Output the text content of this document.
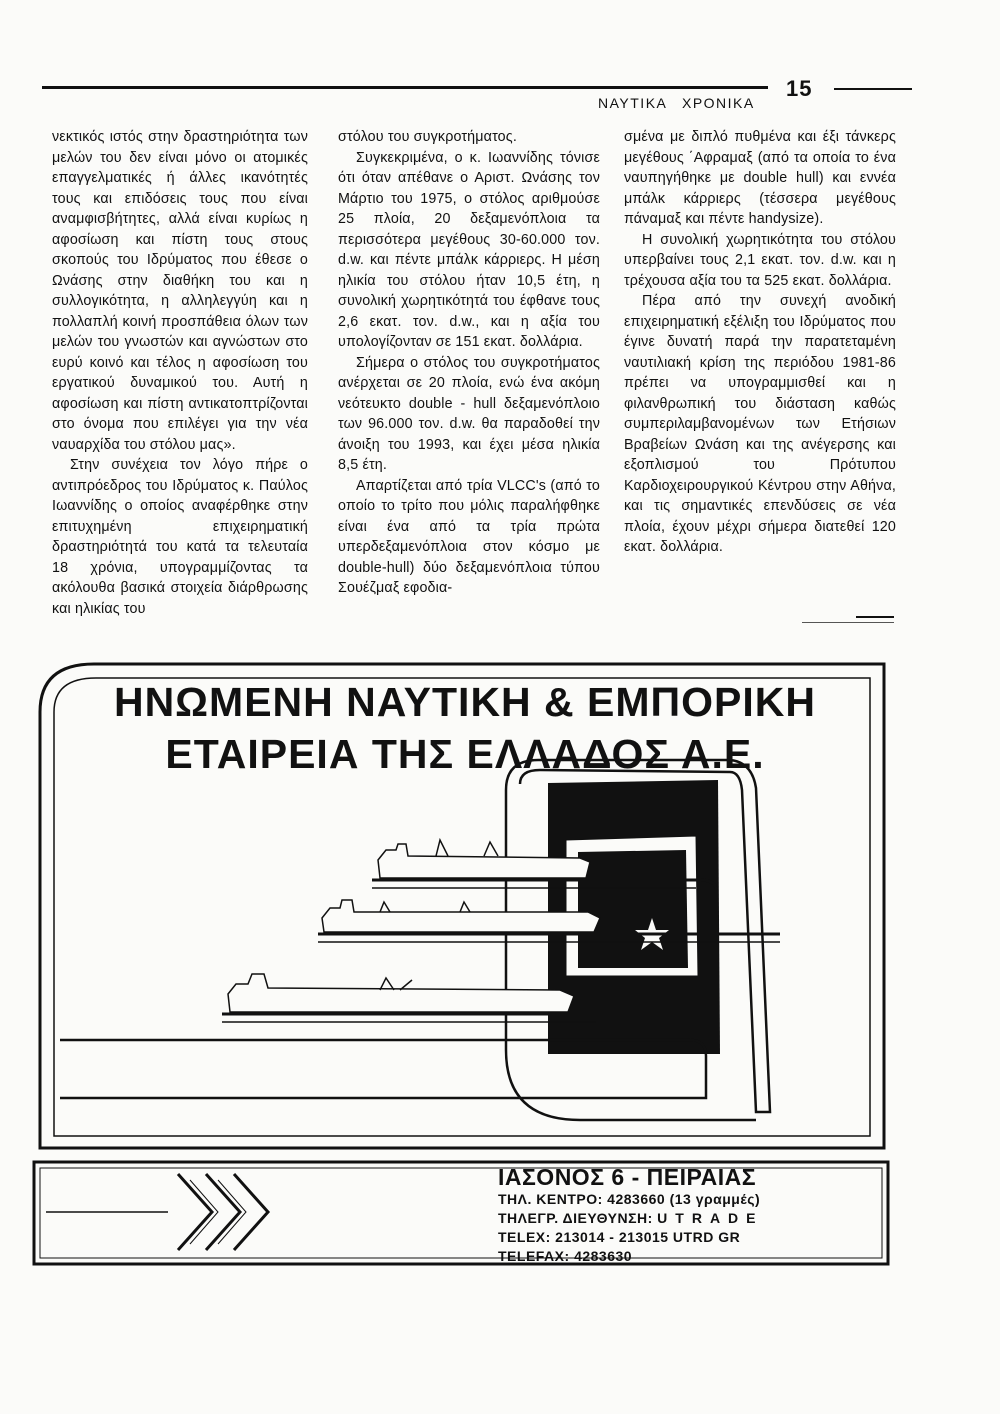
15
ΝΑΥΤΙΚΑ ΧΡΟΝΙΚΑ

νεκτικός ιστός στην δραστηριότητα των μελών του δεν είναι μόνο οι ατομικές επαγγελματικές ή άλλες ικανότητές τους και επιδόσεις τους που είναι αναμφισβήτητες, αλλά είναι κυρίως η αφοσίωση και πίστη τους στους σκοπούς του Ιδρύματος που έθεσε ο Ωνάσης στην διαθήκη του και η συλλογικότητα, η αλληλεγγύη και η πολλαπλή κοινή προσπάθεια όλων των μελών του γνωστών και αγνώστων στο ευρύ κοινό και τέλος η αφοσίωση του εργατικού δυναμικού του. Αυτή η αφοσίωση και πίστη αντικατοπτρίζονται στο όνομα που επιλέγει για την νέα ναυαρχίδα του στόλου μας».

Στην συνέχεια τον λόγο πήρε ο αντιπρόεδρος του Ιδρύματος κ. Παύλος Ιωαννίδης ο οποίος αναφέρθηκε στην επιτυχημένη επιχειρηματική δραστηριότητά του κατά τα τελευταία 18 χρόνια, υπογραμμίζοντας τα ακόλουθα βασικά στοιχεία διάρθρωσης και ηλικίας του

στόλου του συγκροτήματος.

Συγκεκριμένα, ο κ. Ιωαννίδης τόνισε ότι όταν απέθανε ο Αριστ. Ωνάσης τον Μάρτιο του 1975, ο στόλος αριθμούσε 25 πλοία, 20 δεξαμενόπλοια τα περισσότερα μεγέθους 30-60.000 τον. d.w. και πέντε μπάλκ κάρριερς. Η μέση ηλικία του στόλου ήταν 10,5 έτη, η συνολική χωρητικότητά του έφθανε τους 2,6 εκατ. τον. d.w., και η αξία του υπολογίζονταν σε 151 εκατ. δολλάρια.

Σήμερα ο στόλος του συγκροτήματος ανέρχεται σε 20 πλοία, ενώ ένα ακόμη νεότευκτο double - hull δεξαμενόπλοιο των 96.000 τον. d.w. θα παραδοθεί την άνοιξη του 1993, και έχει μέσα ηλικία 8,5 έτη.

Απαρτίζεται από τρία VLCC's (από το οποίο το τρίτο που μόλις παραλήφθηκε είναι ένα από τα τρία πρώτα υπερδεξαμενόπλοια στον κόσμο με double-hull) δύο δεξαμενόπλοια τύπου Σουέζμαξ εφοδια-

σμένα με διπλό πυθμένα και έξι τάνκερς μεγέθους ΄Αφραμαξ (από τα οποία το ένα ναυπηγήθηκε με double hull) και εννέα μπάλκ κάρριερς (τέσσερα μεγέθους πάναμαξ και πέντε handysize).

Η συνολική χωρητικότητα του στόλου υπερβαίνει τους 2,1 εκατ. τον. d.w. και η τρέχουσα αξία του τα 525 εκατ. δολλάρια.

Πέρα από την συνεχή ανοδική επιχειρηματική εξέλιξη του Ιδρύματος που έγινε δυνατή παρά την παρατεταμένη ναυτιλιακή κρίση της περιόδου 1981-86 πρέπει να υπογραμμισθεί και η φιλανθρωπική του διάσταση καθώς συμπεριλαμβανομένων των Ετήσιων Βραβείων Ωνάση και της ανέγερσης και εξοπλισμού του Πρότυπου Καρδιοχειρουργικού Κέντρου στην Αθήνα, και τις σημαντικές επενδύσεις σε νέα πλοία, έχουν μέχρι σήμερα διατεθεί 120 εκατ. δολλάρια.

ΗΝΩΜΕΝΗ ΝΑΥΤΙΚΗ & ΕΜΠΟΡΙΚΗ
ΕΤΑΙΡΕΙΑ ΤΗΣ ΕΛΛΑΔΟΣ Α.Ε.
ΙΑΣΟΝΟΣ 6 - ΠΕΙΡΑΙΑΣ
ΤΗΛ. ΚΕΝΤΡΟ: 4283660 (13 γραμμές)
ΤΗΛΕΓΡ. ΔΙΕΥΘΥΝΣΗ: UTRADE
TELEX: 213014 - 213015 UTRD GR
TELEFAX: 4283630
